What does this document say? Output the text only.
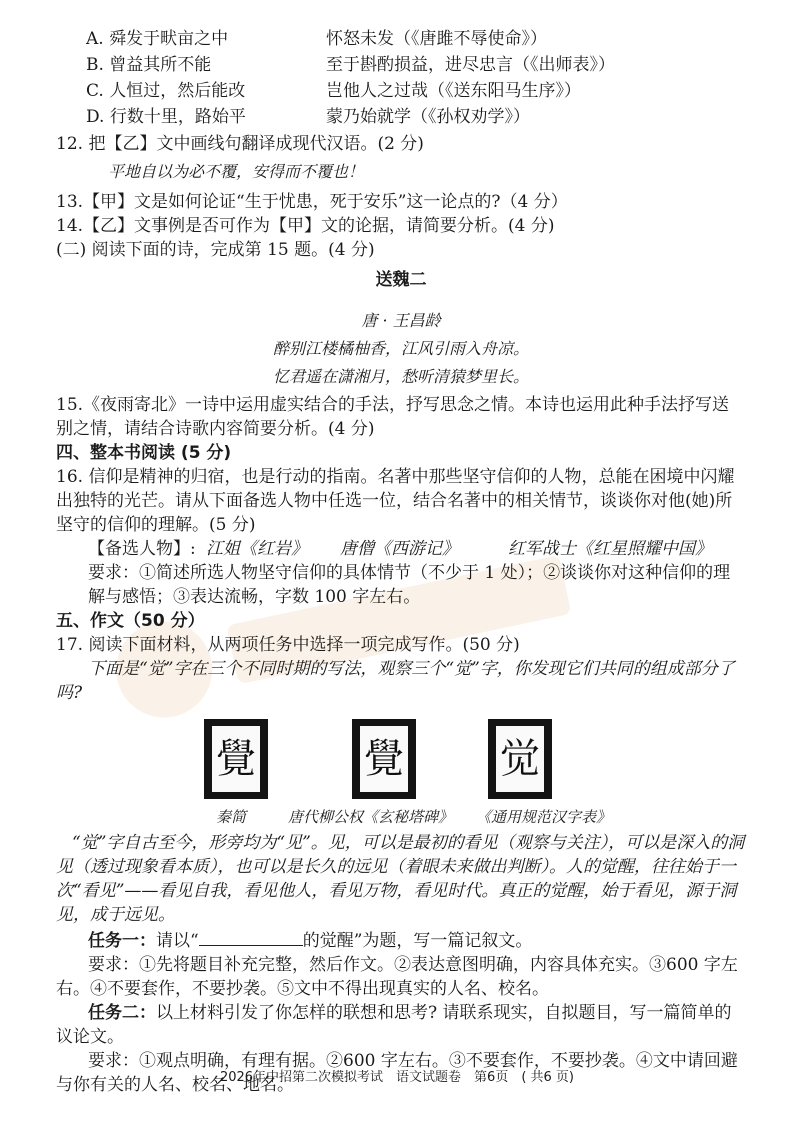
A. 舜发于畎亩之中	怀怒未发（《唐雎不辱使命》）
B. 曾益其所不能	至于斟酌损益，进尽忠言（《出师表》）
C. 人恒过，然后能改	岂他人之过哉（《送东阳马生序》）
D. 行数十里，路始平	蒙乃始就学（《孙权劝学》）

12. 把【乙】文中画线句翻译成现代汉语。(2 分)

平地自以为必不覆，安得而不覆也！

13.【甲】文是如何论证“生于忧患，死于安乐”这一论点的?（4 分）

14.【乙】文事例是否可作为【甲】文的论据，请简要分析。(4 分)

(二) 阅读下面的诗，完成第 15 题。(4 分)

送魏二

唐 · 王昌龄

醉别江楼橘柚香，江风引雨入舟凉。

忆君遥在潇湘月，愁听清猿梦里长。

15.《夜雨寄北》一诗中运用虚实结合的手法，抒写思念之情。本诗也运用此种手法抒写送别之情，请结合诗歌内容简要分析。(4 分)

四、整本书阅读 (5 分)

16. 信仰是精神的归宿，也是行动的指南。名著中那些坚守信仰的人物，总能在困境中闪耀出独特的光芒。请从下面备选人物中任选一位，结合名著中的相关情节，谈谈你对他(她)所坚守的信仰的理解。(5 分)

【备选人物】: 江姐《红岩》	唐僧《西游记》	红军战士《红星照耀中国》

要求：①简述所选人物坚守信仰的具体情节（不少于 1 处）；②谈谈你对这种信仰的理解与感悟；③表达流畅，字数 100 字左右。

五、作文（50 分）

17. 阅读下面材料，从两项任务中选择一项完成写作。(50 分)

下面是“觉”字在三个不同时期的写法，观察三个“觉”字，你发现它们共同的组成部分了吗?

覺	覺 觉
秦简	唐代柳公权《玄秘塔碑》 《通用规范汉字表》

“觉”字自古至今，形旁均为“见”。见，可以是最初的看见（观察与关注），可以是深入的洞见（透过现象看本质），也可以是长久的远见（着眼未来做出判断）。人的觉醒，往往始于一次“看见”——看见自我，看见他人，看见万物，看见时代。真正的觉醒，始于看见，源于洞见，成于远见。

任务一：请以“	的觉醒”为题，写一篇记叙文。

要求：①先将题目补充完整，然后作文。②表达意图明确，内容具体充实。③600 字左右。④不要套作，不要抄袭。⑤文中不得出现真实的人名、校名。

任务二：以上材料引发了你怎样的联想和思考? 请联系现实，自拟题目，写一篇简单的议论文。

要求：①观点明确，有理有据。②600 字左右。③不要套作，不要抄袭。④文中请回避与你有关的人名、校名、地名。

2026年中招第二次模拟考试　语文试题卷　第6页　( 共6 页)
